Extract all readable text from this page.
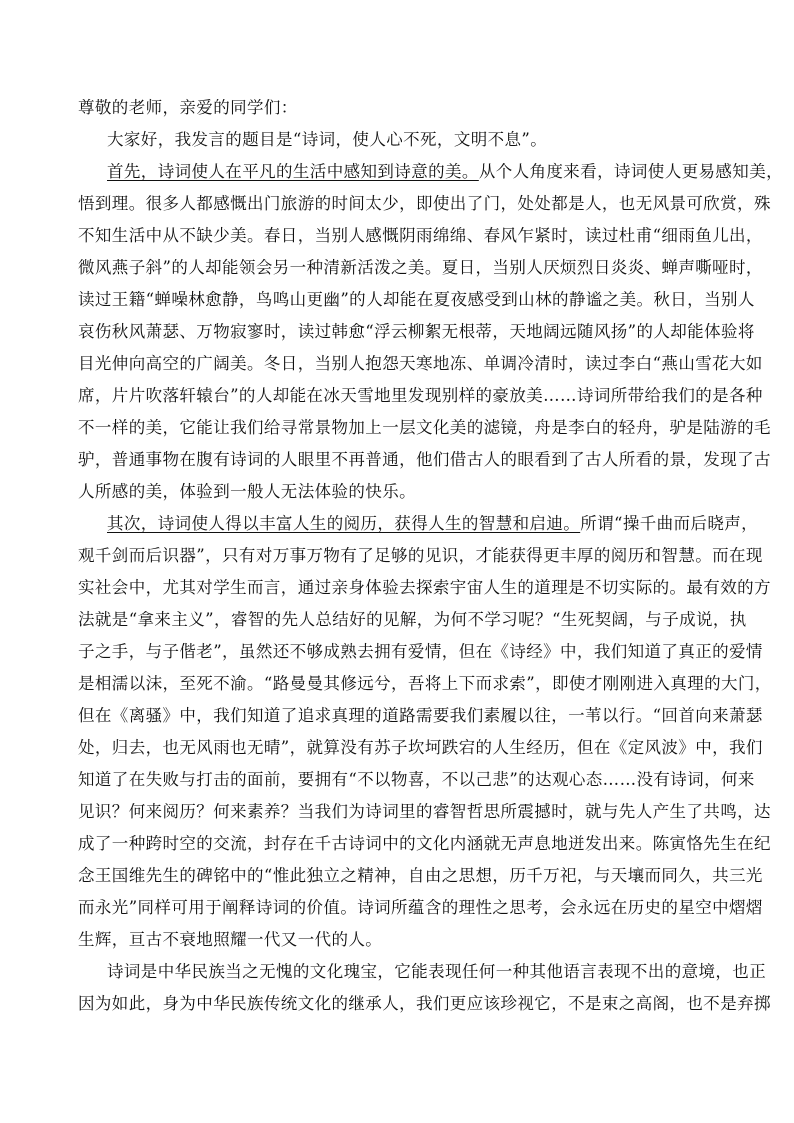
尊敬的老师，亲爱的同学们：
大家好，我发言的题目是“诗词，使人心不死，文明不息”。
首先，诗词使人在平凡的生活中感知到诗意的美。从个人角度来看，诗词使人更易感知美，
悟到理。很多人都感慨出门旅游的时间太少，即使出了门，处处都是人，也无风景可欣赏，殊
不知生活中从不缺少美。春日，当别人感慨阴雨绵绵、春风乍紧时，读过杜甫“细雨鱼儿出，
微风燕子斜”的人却能领会另一种清新活泼之美。夏日，当别人厌烦烈日炎炎、蝉声嘶哑时，
读过王籍“蝉噪林愈静，鸟鸣山更幽”的人却能在夏夜感受到山林的静谧之美。秋日，当别人
哀伤秋风萧瑟、万物寂寥时，读过韩愈“浮云柳絮无根蒂，天地阔远随风扬”的人却能体验将
目光伸向高空的广阔美。冬日，当别人抱怨天寒地冻、单调冷清时，读过李白“燕山雪花大如
席，片片吹落轩辕台”的人却能在冰天雪地里发现别样的豪放美……诗词所带给我们的是各种
不一样的美，它能让我们给寻常景物加上一层文化美的滤镜，舟是李白的轻舟，驴是陆游的毛
驴，普通事物在腹有诗词的人眼里不再普通，他们借古人的眼看到了古人所看的景，发现了古
人所感的美，体验到一般人无法体验的快乐。
其次，诗词使人得以丰富人生的阅历，获得人生的智慧和启迪。所谓“操千曲而后晓声，
观千剑而后识器”，只有对万事万物有了足够的见识，才能获得更丰厚的阅历和智慧。而在现
实社会中，尤其对学生而言，通过亲身体验去探索宇宙人生的道理是不切实际的。最有效的方
法就是“拿来主义”，睿智的先人总结好的见解，为何不学习呢？“生死契阔，与子成说，执
子之手，与子偕老”，虽然还不够成熟去拥有爱情，但在《诗经》中，我们知道了真正的爱情
是相濡以沫，至死不渝。“路曼曼其修远兮，吾将上下而求索”，即使才刚刚进入真理的大门，
但在《离骚》中，我们知道了追求真理的道路需要我们素履以往，一苇以行。“回首向来萧瑟
处，归去，也无风雨也无晴”，就算没有苏子坎坷跌宕的人生经历，但在《定风波》中，我们
知道了在失败与打击的面前，要拥有“不以物喜，不以己悲”的达观心态……没有诗词，何来
见识？何来阅历？何来素养？当我们为诗词里的睿智哲思所震撼时，就与先人产生了共鸣，达
成了一种跨时空的交流，封存在千古诗词中的文化内涵就无声息地迸发出来。陈寅恪先生在纪
念王国维先生的碑铭中的“惟此独立之精神，自由之思想，历千万祀，与天壤而同久，共三光
而永光”同样可用于阐释诗词的价值。诗词所蕴含的理性之思考，会永远在历史的星空中熠熠
生辉，亘古不衰地照耀一代又一代的人。
诗词是中华民族当之无愧的文化瑰宝，它能表现任何一种其他语言表现不出的意境，也正
因为如此，身为中华民族传统文化的继承人，我们更应该珍视它，不是束之高阁，也不是弃掷
